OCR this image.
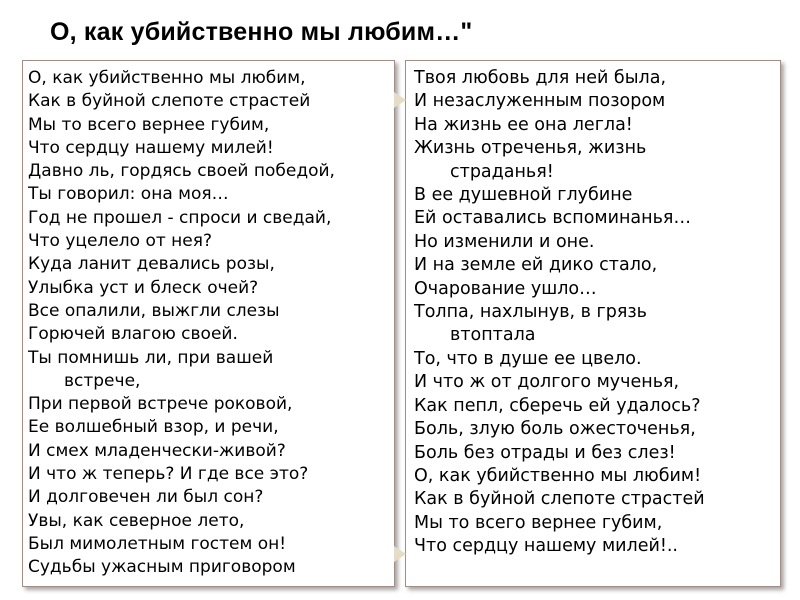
О, как убийственно мы любим…"
О, как убийственно мы любим,
Как в буйной слепоте страстей
Мы то всего вернее губим,
Что сердцу нашему милей!
Давно ль, гордясь своей победой,
Ты говорил: она моя…
Год не прошел - спроси и сведай,
Что уцелело от нея?
Куда ланит девались розы,
Улыбка уст и блеск очей?
Все опалили, выжгли слезы
Горючей влагою своей.
Ты помнишь ли, при вашей
встрече,
При первой встрече роковой,
Ее волшебный взор, и речи,
И смех младенчески-живой?
И что ж теперь? И где все это?
И долговечен ли был сон?
Увы, как северное лето,
Был мимолетным гостем он!
Судьбы ужасным приговором
Твоя любовь для ней была,
И незаслуженным позором
На жизнь ее она легла!
Жизнь отреченья, жизнь
страданья!
В ее душевной глубине
Ей оставались вспоминанья…
Но изменили и оне.
И на земле ей дико стало,
Очарование ушло…
Толпа, нахлынув, в грязь
втоптала
То, что в душе ее цвело.
И что ж от долгого мученья,
Как пепл, сберечь ей удалось?
Боль, злую боль ожесточенья,
Боль без отрады и без слез!
О, как убийственно мы любим!
Как в буйной слепоте страстей
Мы то всего вернее губим,
Что сердцу нашему милей!..
